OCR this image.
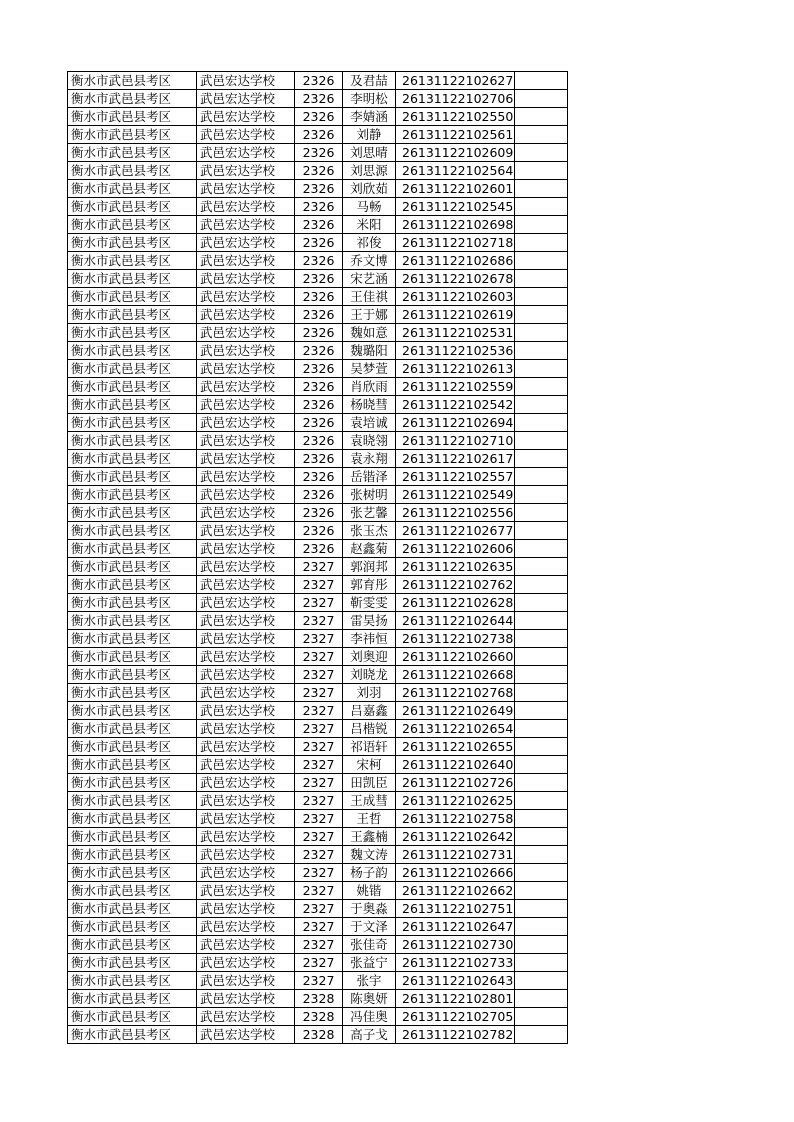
衡水市武邑县考区	武邑宏达学校	2326	及君喆	26131122102627	
衡水市武邑县考区	武邑宏达学校	2326	李明松	26131122102706	
衡水市武邑县考区	武邑宏达学校	2326	李婧涵	26131122102550	
衡水市武邑县考区	武邑宏达学校	2326	刘静	26131122102561	
衡水市武邑县考区	武邑宏达学校	2326	刘思晴	26131122102609	
衡水市武邑县考区	武邑宏达学校	2326	刘思源	26131122102564	
衡水市武邑县考区	武邑宏达学校	2326	刘欣茹	26131122102601	
衡水市武邑县考区	武邑宏达学校	2326	马畅	26131122102545	
衡水市武邑县考区	武邑宏达学校	2326	米阳	26131122102698	
衡水市武邑县考区	武邑宏达学校	2326	祁俊	26131122102718	
衡水市武邑县考区	武邑宏达学校	2326	乔文博	26131122102686	
衡水市武邑县考区	武邑宏达学校	2326	宋艺涵	26131122102678	
衡水市武邑县考区	武邑宏达学校	2326	王佳祺	26131122102603	
衡水市武邑县考区	武邑宏达学校	2326	王于娜	26131122102619	
衡水市武邑县考区	武邑宏达学校	2326	魏如意	26131122102531	
衡水市武邑县考区	武邑宏达学校	2326	魏璐阳	26131122102536	
衡水市武邑县考区	武邑宏达学校	2326	吴梦萱	26131122102613	
衡水市武邑县考区	武邑宏达学校	2326	肖欣雨	26131122102559	
衡水市武邑县考区	武邑宏达学校	2326	杨晓彗	26131122102542	
衡水市武邑县考区	武邑宏达学校	2326	袁培诚	26131122102694	
衡水市武邑县考区	武邑宏达学校	2326	袁晓翎	26131122102710	
衡水市武邑县考区	武邑宏达学校	2326	袁永翔	26131122102617	
衡水市武邑县考区	武邑宏达学校	2326	岳锴泽	26131122102557	
衡水市武邑县考区	武邑宏达学校	2326	张树明	26131122102549	
衡水市武邑县考区	武邑宏达学校	2326	张艺馨	26131122102556	
衡水市武邑县考区	武邑宏达学校	2326	张玉杰	26131122102677	
衡水市武邑县考区	武邑宏达学校	2326	赵鑫菊	26131122102606	
衡水市武邑县考区	武邑宏达学校	2327	郭润邦	26131122102635	
衡水市武邑县考区	武邑宏达学校	2327	郭育彤	26131122102762	
衡水市武邑县考区	武邑宏达学校	2327	靳雯雯	26131122102628	
衡水市武邑县考区	武邑宏达学校	2327	雷昊扬	26131122102644	
衡水市武邑县考区	武邑宏达学校	2327	李祎恒	26131122102738	
衡水市武邑县考区	武邑宏达学校	2327	刘奥迎	26131122102660	
衡水市武邑县考区	武邑宏达学校	2327	刘晓龙	26131122102668	
衡水市武邑县考区	武邑宏达学校	2327	刘羽	26131122102768	
衡水市武邑县考区	武邑宏达学校	2327	吕嘉鑫	26131122102649	
衡水市武邑县考区	武邑宏达学校	2327	吕楷锐	26131122102654	
衡水市武邑县考区	武邑宏达学校	2327	祁语轩	26131122102655	
衡水市武邑县考区	武邑宏达学校	2327	宋柯	26131122102640	
衡水市武邑县考区	武邑宏达学校	2327	田凯臣	26131122102726	
衡水市武邑县考区	武邑宏达学校	2327	王成彗	26131122102625	
衡水市武邑县考区	武邑宏达学校	2327	王哲	26131122102758	
衡水市武邑县考区	武邑宏达学校	2327	王鑫楠	26131122102642	
衡水市武邑县考区	武邑宏达学校	2327	魏文涛	26131122102731	
衡水市武邑县考区	武邑宏达学校	2327	杨子韵	26131122102666	
衡水市武邑县考区	武邑宏达学校	2327	姚锴	26131122102662	
衡水市武邑县考区	武邑宏达学校	2327	于奥淼	26131122102751	
衡水市武邑县考区	武邑宏达学校	2327	于文泽	26131122102647	
衡水市武邑县考区	武邑宏达学校	2327	张佳奇	26131122102730	
衡水市武邑县考区	武邑宏达学校	2327	张益宁	26131122102733	
衡水市武邑县考区	武邑宏达学校	2327	张宇	26131122102643	
衡水市武邑县考区	武邑宏达学校	2328	陈奥妍	26131122102801	
衡水市武邑县考区	武邑宏达学校	2328	冯佳奥	26131122102705	
衡水市武邑县考区	武邑宏达学校	2328	高子戈	26131122102782	
